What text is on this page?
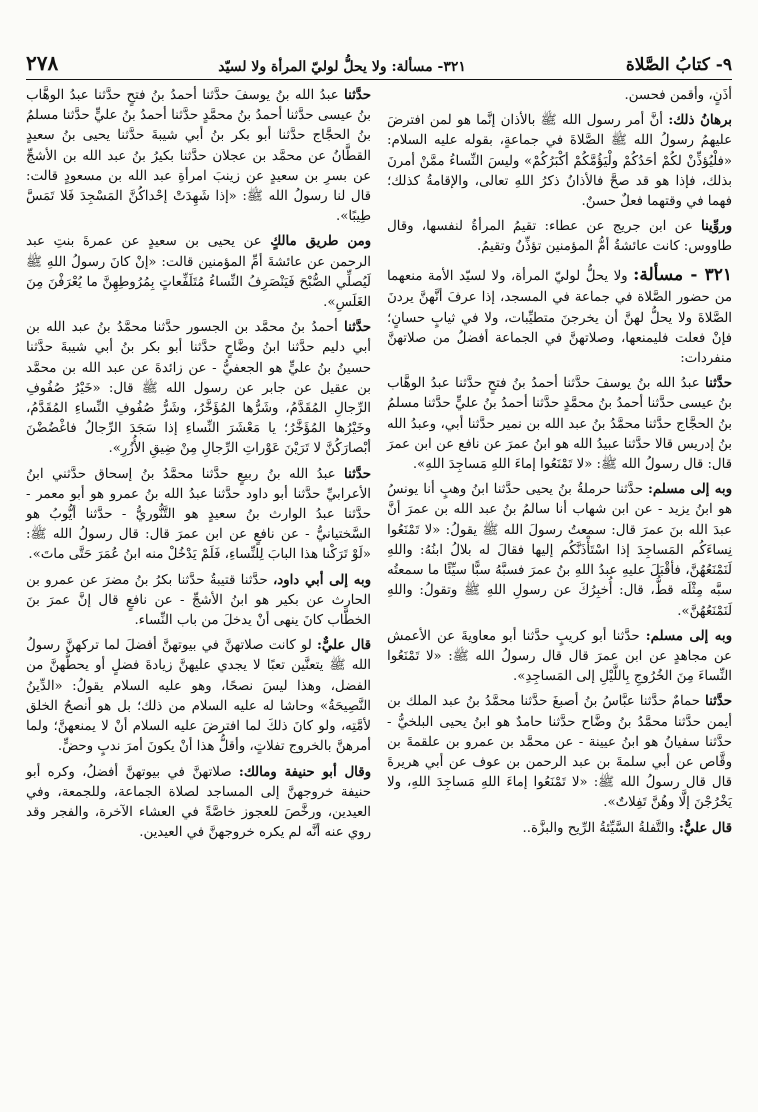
٩- كتابُ الصَّلاة
٣٢١- مسألة: ولا يحلُّ لوليّ المرأة ولا لسيّد
٢٧٨

أذَنٍ، وأقمن فحسن.

برهانُ ذلك: أنَّ أمر رسول الله ﷺ بالأذان إنَّما هو لمن افترضَ عليهمُ رسولُ الله ﷺ الصَّلاةَ في جماعةٍ، بقوله عليه السلام: «فلْيُؤذِّنْ لكُمْ أحَدُكُمْ ولْيَؤُمَّكُمْ أكْبَرُكُمْ» وليسَ النِّساءُ ممَّنْ أمرنَ بذلك، فإذا هو قد صحَّ فالأذانُ ذكرُ اللهِ تعالى، والإقامةُ كذلك؛ فهما في وقتهما فعلٌ حسنٌ.

وروِّينا عن ابن جريج عن عطاء: تقيمُ المرأةُ لنفسها، وقال طاووس: كانت عائشةُ أمُّ المؤمنين تؤذِّنُ وتقيمُ.

٣٢١ - مسألة: ولا يحلُّ لوليّ المرأة، ولا لسيّد الأمة منعهما من حضور الصَّلاة في جماعة في المسجد، إذا عرفَ أنَّهنَّ يردنَ الصَّلاةَ ولا يحلُّ لهنَّ أن يخرجنَ متطيِّبات، ولا في ثيابٍ حسانٍ؛ فإنْ فعلت فليمنعها، وصلاتهنَّ في الجماعة أفضلُ من صلاتهنَّ منفردات:

حدَّثنا عبدُ الله بنُ يوسفَ حدَّثنا أحمدُ بنُ فتحٍ حدَّثنا عبدُ الوهَّاب بنُ عيسى حدَّثنا أحمدُ بنُ محمَّدٍ حدَّثنا أحمدُ بنُ عليٍّ حدَّثنا مسلمُ بنُ الحجَّاج حدَّثنا محمَّدُ بنُ عبد الله بن نمير حدَّثنا أبي، وعبدُ الله بنُ إدريس قالا حدَّثنا عبيدُ الله هو ابنُ عمرَ عن نافع عن ابن عمرَ قال: قال رسولُ الله ﷺ: «لا تَمْنَعُوا إماءَ اللهِ مَساجِدَ اللهِ».

وبه إلى مسلم: حدَّثنا حرملةُ بنُ يحيى حدَّثنا ابنُ وهبٍ أنا يونسُ هو ابنُ يزيد - عن ابن شهاب أنا سالمُ بنُ عبد الله بن عمرَ أنَّ عبدَ الله بنَ عمرَ قال: سمعتُ رسولَ الله ﷺ يقولُ: «لا تَمْنَعُوا نِساءَكُم المَساجِدَ إذا اسْتَأْذَنَّكُم إليها فقالَ له بلالُ ابنُهُ: واللهِ لَنَمْنَعُهُنَّ، فأقْبَلَ عليهِ عبدُ اللهِ بنُ عمرَ فسبَّهُ سبًّا سيِّئًا ما سمعتُه سبَّه مِثْلَه قطُّ، قال: أُخبِرُكَ عن رسولِ اللهِ ﷺ وتقولُ: واللهِ لَنَمْنَعُهُنَّ».

وبه إلى مسلم: حدَّثنا أبو كريبٍ حدَّثنا أبو معاويةَ عن الأعمش عن مجاهدٍ عن ابن عمرَ قال قال رسولُ الله ﷺ: «لا تَمْنَعُوا النِّساءَ مِنَ الخُرُوجِ بِاللَّيْلِ إلى المَساجِدِ».

حدَّثنا حمامٌ حدَّثنا عبَّاسُ بنُ أصبغَ حدَّثنا محمَّدُ بنُ عبد الملك بن أيمن حدَّثنا محمَّدُ بنُ وضَّاح حدَّثنا حامدٌ هو ابنُ يحيى البلخيُّ - حدَّثنا سفيانُ هو ابنُ عيينة - عن محمَّد بن عمرو بن علقمةَ بن وقَّاص عن أبي سلمةَ بن عبد الرحمن بن عوف عن أبي هريرةَ قال قال رسولُ الله ﷺ: «لا تَمْنَعُوا إماءَ اللهِ مَساجِدَ اللهِ، ولا يَخْرُجْنَ إلَّا وهُنَّ تَفِلاتٌ».

قال عليٌّ: والتَّفلةُ السَّيِّئةُ الرِّيح والبزَّة..

حدَّثنا عبدُ الله بنُ يوسفَ حدَّثنا أحمدُ بنُ فتحٍ حدَّثنا عبدُ الوهَّاب بنُ عيسى حدَّثنا أحمدُ بنُ محمَّدٍ حدَّثنا أحمدُ بنُ عليٍّ حدَّثنا مسلمُ بنُ الحجَّاج حدَّثنا أبو بكر بنُ أبي شيبةَ حدَّثنا يحيى بنُ سعيدٍ القطَّانُ عن محمَّد بن عجلان حدَّثنا بكيرُ بنُ عبد الله بن الأشجِّ عن بسرِ بن سعيدٍ عن زينبَ امرأةِ عبد الله بن مسعودٍ قالت: قال لنا رسولُ الله ﷺ: «إذا شَهِدَتْ إحْداكُنَّ المَسْجِدَ فَلا تَمَسَّ طِيبًا».

ومن طريق مالكٍ عن يحيى بن سعيدٍ عن عمرةَ بنتِ عبد الرحمن عن عائشةَ أمِّ المؤمنين قالت: «إنْ كانَ رسولُ اللهِ ﷺ لَيُصلِّي الصُّبْحَ فَيَنْصَرِفُ النِّساءُ مُتَلَفِّعاتٍ بِمُرُوطِهِنَّ ما يُعْرَفْنَ مِنَ الغَلَسِ».

حدَّثنا أحمدُ بنُ محمَّد بن الجسور حدَّثنا محمَّدُ بنُ عبد الله بن أبي دليم حدَّثنا ابنُ وضَّاحٍ حدَّثنا أبو بكر بنُ أبي شيبةَ حدَّثنا حسينُ بنُ عليٍّ هو الجعفيُّ - عن زائدةَ عن عبد الله بن محمَّد بن عقيل عن جابر عن رسول الله ﷺ قال: «خَيْرُ صُفُوفِ الرِّجالِ المُقَدَّمُ، وشَرُّها المُؤَخَّرُ، وشَرُّ صُفُوفِ النِّساءِ المُقَدَّمُ، وخَيْرُها المُؤَخَّرُ؛ يا مَعْشَرَ النِّساءِ إذا سَجَدَ الرِّجالُ فاغْضُضْنَ أبْصارَكُنَّ لا تَرَيْنَ عَوْراتِ الرِّجالِ مِنْ ضِيقِ الأُزُرِ».

حدَّثنا عبدُ الله بنُ ربيعٍ حدَّثنا محمَّدُ بنُ إسحاق حدَّثني ابنُ الأعرابيِّ حدَّثنا أبو داود حدَّثنا عبدُ الله بنُ عمرو هو أبو معمر - حدَّثنا عبدُ الوارث بنُ سعيدٍ هو التَّنُّوريُّ - حدَّثنا أيُّوبُ هو السَّختيانيُّ - عن نافعٍ عن ابن عمرَ قال: قال رسولُ الله ﷺ: «لَوْ تَرَكْنا هذا البابَ لِلنِّساءِ، فَلَمْ يَدْخُلْ منه ابنُ عُمَرَ حَتَّى ماتَ».

وبه إلى أبي داود، حدَّثنا قتيبةُ حدَّثنا بكرُ بنُ مضرَ عن عمرو بن الحارث عن بكير هو ابنُ الأشجِّ - عن نافعٍ قال إنَّ عمرَ بنَ الخطَّاب كانَ ينهى أنْ يدخلَ من باب النِّساء.

قال عليٌّ: لو كانت صلاتهنَّ في بيوتهنَّ أفضلَ لما تركهنَّ رسولُ الله ﷺ يتعنَّين تعبًا لا يجدي عليهنَّ زيادةَ فضلٍ أو يحطُّهنَّ من الفضل، وهذا ليسَ نصحًا، وهو عليه السلام يقولُ: «الدِّينُ النَّصِيحَةُ» وحاشا له عليه السلام من ذلك؛ بل هو أنصحُ الخلق لأمَّتِه، ولو كانَ ذلكَ لما افترضَ عليه السلام أنْ لا يمنعهنَّ؛ ولما أمرهنَّ بالخروج تفلاتٍ، وأقلُّ هذا أنْ يكونَ أمرَ ندبٍ وحضٍّ.

وقال أبو حنيفة ومالك: صلاتهنَّ في بيوتهنَّ أفضلُ، وكره أبو حنيفة خروجهنَّ إلى المساجد لصلاة الجماعة، وللجمعة، وفي العيدين، ورخَّصَ للعجوز خاصَّةً في العشاء الآخرة، والفجر وقد روي عنه أنَّه لم يكره خروجهنَّ في العيدين.
